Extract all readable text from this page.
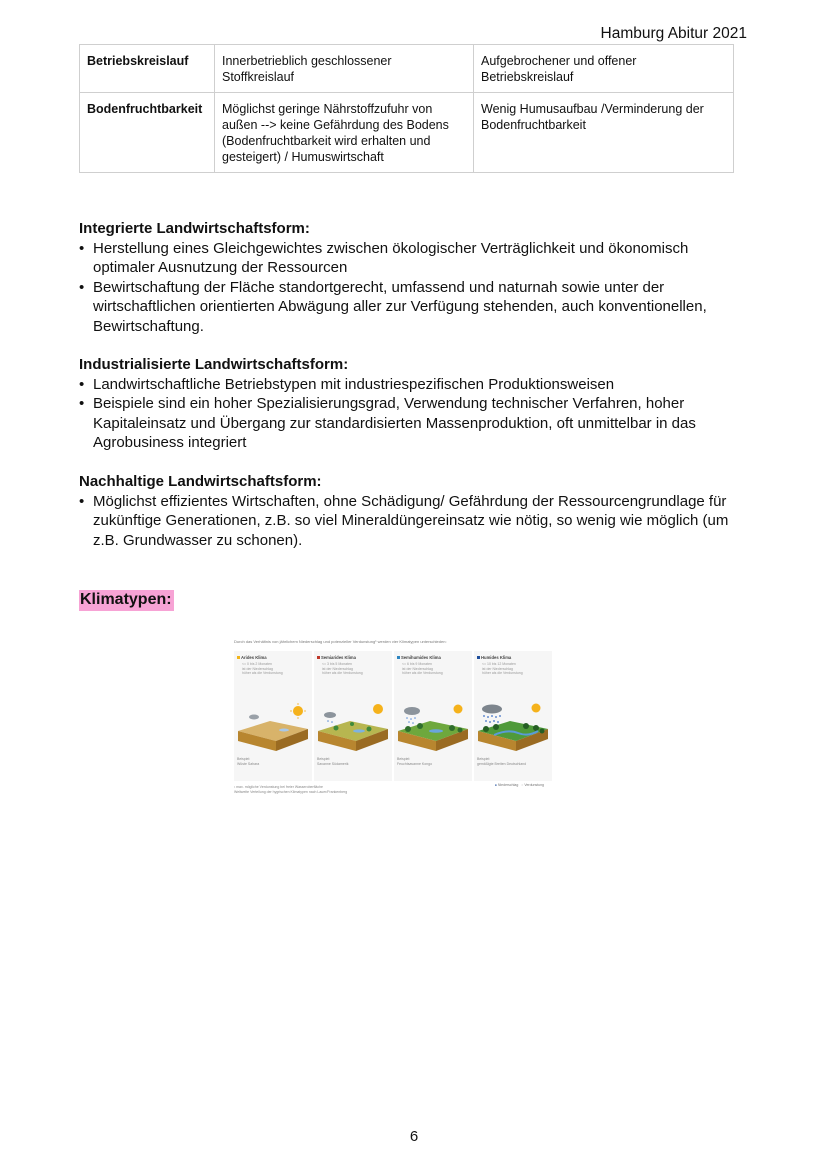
Hamburg Abitur 2021
Betriebskreislauf	Innerbetrieblich geschlossener Stoffkreislauf	Aufgebrochener und offener Betriebskreislauf
Bodenfruchtbarkeit	Möglichst geringe Nährstoffzufuhr von außen --> keine Gefährdung des Bodens (Bodenfruchtbarkeit wird erhalten und gesteigert) / Humuswirtschaft	Wenig Humusaufbau /Verminderung der Bodenfruchtbarkeit
Integrierte Landwirtschaftsform:
• Herstellung eines Gleichgewichtes zwischen ökologischer Verträglichkeit und ökonomisch optimaler Ausnutzung der Ressourcen
• Bewirtschaftung der Fläche standortgerecht, umfassend und naturnah sowie unter der wirtschaftlichen orientierten Abwägung aller zur Verfügung stehenden, auch konventionellen, Bewirtschaftung.
Industrialisierte Landwirtschaftsform:
• Landwirtschaftliche Betriebstypen mit industriespezifischen Produktionsweisen
• Beispiele sind ein hoher Spezialisierungsgrad, Verwendung technischer Verfahren, hoher Kapitaleinsatz und Übergang zur standardisierten Massenproduktion, oft unmittelbar in das Agrobusiness integriert
Nachhaltige Landwirtschaftsform:
• Möglichst effizientes Wirtschaften, ohne Schädigung/ Gefährdung der Ressourcengrundlage für zukünftige Generationen, z.B. so viel Mineraldüngereinsatz wie nötig, so wenig wie möglich (um z.B. Grundwasser zu schonen).
Klimatypen:
Durch das Verhältnis von jährlichem Niederschlag und potenzieller Verdunstung¹ werden vier Klimatypen unterschieden:
Arides Klima
<= 0 bis 2 Monaten
ist der Niederschlag
höher als die Verdunstung
Beispiel:
Wüste Sahara
Semiarides Klima
<= 3 bis 5 Monaten
ist der Niederschlag
höher als die Verdunstung
Beispiel:
Savanne Südamerik
Semihumides Klima
<= 6 bis 9 Monaten
ist der Niederschlag
höher als die Verdunstung
Beispiel:
Feuchtsavanne Kongo
Humides Klima
<= 10 bis 12 Monaten
ist der Niederschlag
höher als die Verdunstung
Beispiel:
gemäßigte Breiten Deutschland
¹ max. mögliche Verdunstung bei freier Wasseroberfläche
Weltweite Verteilung der hygrischen Klimatypen nach Lauer/Frankenberg
● Niederschlag ○ Verdunstung
6
